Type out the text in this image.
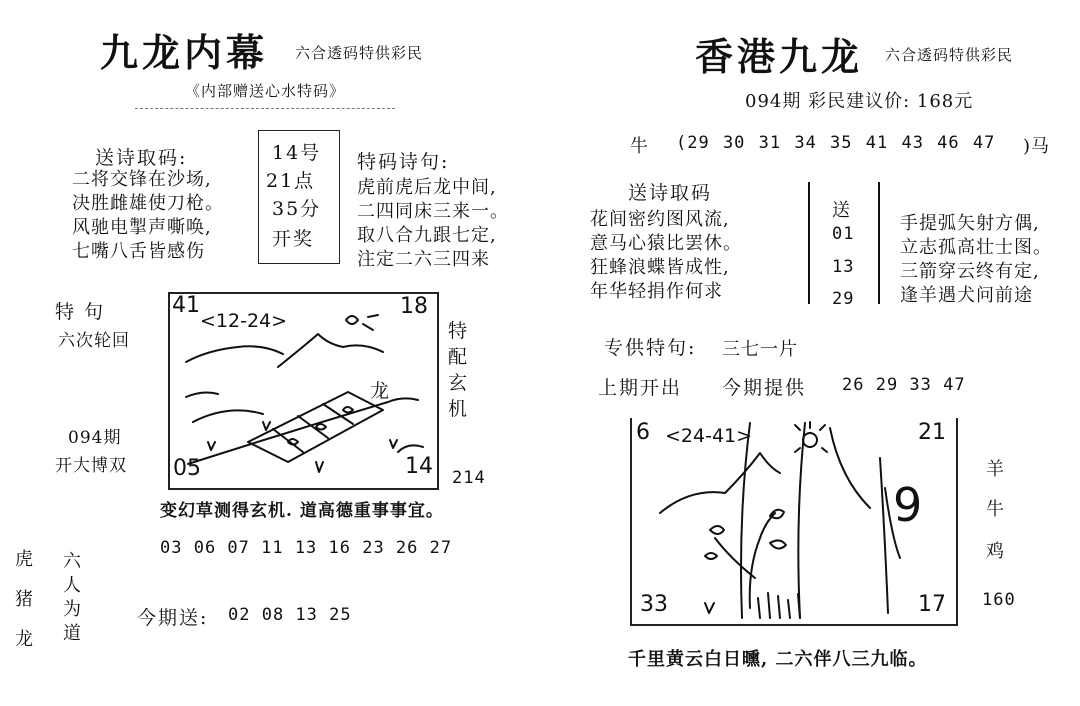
九龙内幕 六合透码特供彩民
《内部赠送心水特码》
送诗取码:
二将交锋在沙场,
决胜雌雄使刀枪。
风驰电掣声嘶唤,
七嘴八舌皆感伤
14号
21点
35分
开奖
特码诗句:
虎前虎后龙中间,
二四同床三来一。
取八合九跟七定,
注定二六三四来
特 句
六次轮回
094期
开大博双
41	18
<12-24>
龙
05	14
特配玄机
214
变幻草测得玄机. 道高德重事事宜。
03 06 07 11 13 16 23 26 27
虎
猪
龙
六人为道
今期送: 02 08 13 25
香港九龙 六合透码特供彩民
094期 彩民建议价: 168元
牛 (29 30 31 34 35 41 43 46 47 )马
送诗取码
花间密约图风流,
意马心猿比罢休。
狂蜂浪蝶皆成性,
年华轻捐作何求
送
01
13
29
手提弧矢射方偶,
立志孤高壮士图。
三箭穿云终有定,
逢羊遇犬问前途
专供特句: 三七一片
上期开出 今期提供 26 29 33 47
6 <24-41>	21
9
33	17
羊
牛
鸡
160
千里黄云白日曛, 二六伴八三九临。
